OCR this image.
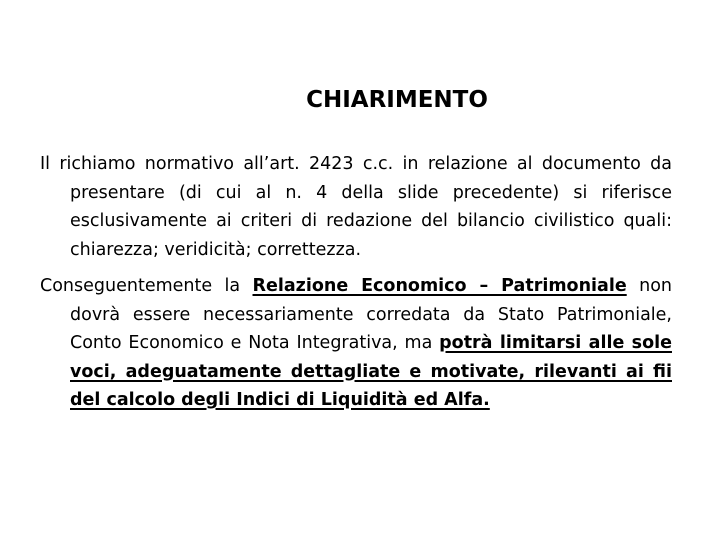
CHIARIMENTO

Il richiamo normativo all’art. 2423 c.c. in relazione al documento da presentare (di cui al n. 4 della slide precedente) si riferisce esclusivamente ai criteri di redazione del bilancio civilistico quali: chiarezza; veridicità; correttezza.

Conseguentemente la Relazione Economico – Patrimoniale non dovrà essere necessariamente corredata da Stato Patrimoniale, Conto Economico e Nota Integrativa, ma potrà limitarsi alle sole voci, adeguatamente dettagliate e motivate, rilevanti ai fii del calcolo degli Indici di Liquidità ed Alfa.
